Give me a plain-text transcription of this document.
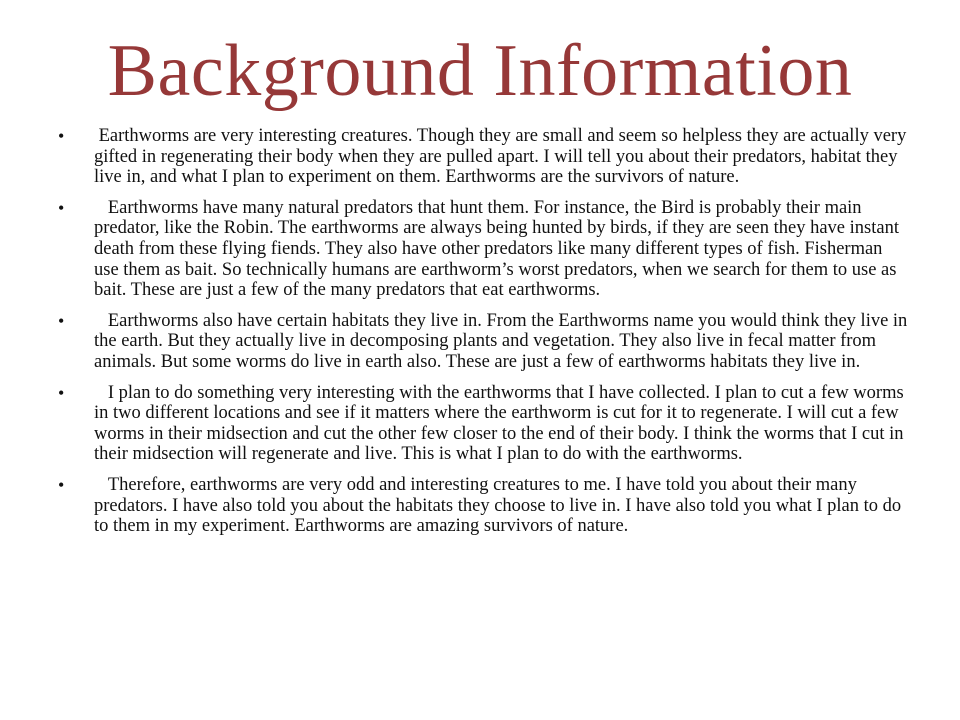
Background Information
•	Earthworms are very interesting creatures. Though they are small and seem so helpless they are actually very gifted in regenerating their body when they are pulled apart. I will tell you about their predators, habitat they live in, and what I plan to experiment on them. Earthworms are the survivors of nature.
•	Earthworms have many natural predators that hunt them. For instance, the Bird is probably their main predator, like the Robin. The earthworms are always being hunted by birds, if they are seen they have instant death from these flying fiends. They also have other predators like many different types of fish. Fisherman use them as bait. So technically humans are earthworm’s worst predators, when we search for them to use as bait. These are just a few of the many predators that eat earthworms.
•	Earthworms also have certain habitats they live in. From the Earthworms name you would think they live in the earth. But they actually live in decomposing plants and vegetation. They also live in fecal matter from animals. But some worms do live in earth also. These are just a few of earthworms habitats they live in.
•	I plan to do something very interesting with the earthworms that I have collected. I plan to cut a few worms in two different locations and see if it matters where the earthworm is cut for it to regenerate. I will cut a few worms in their midsection and cut the other few closer to the end of their body. I think the worms that I cut in their midsection will regenerate and live. This is what I plan to do with the earthworms.
•	Therefore, earthworms are very odd and interesting creatures to me. I have told you about their many predators. I have also told you about the habitats they choose to live in. I have also told you what I plan to do to them in my experiment. Earthworms are amazing survivors of nature.
